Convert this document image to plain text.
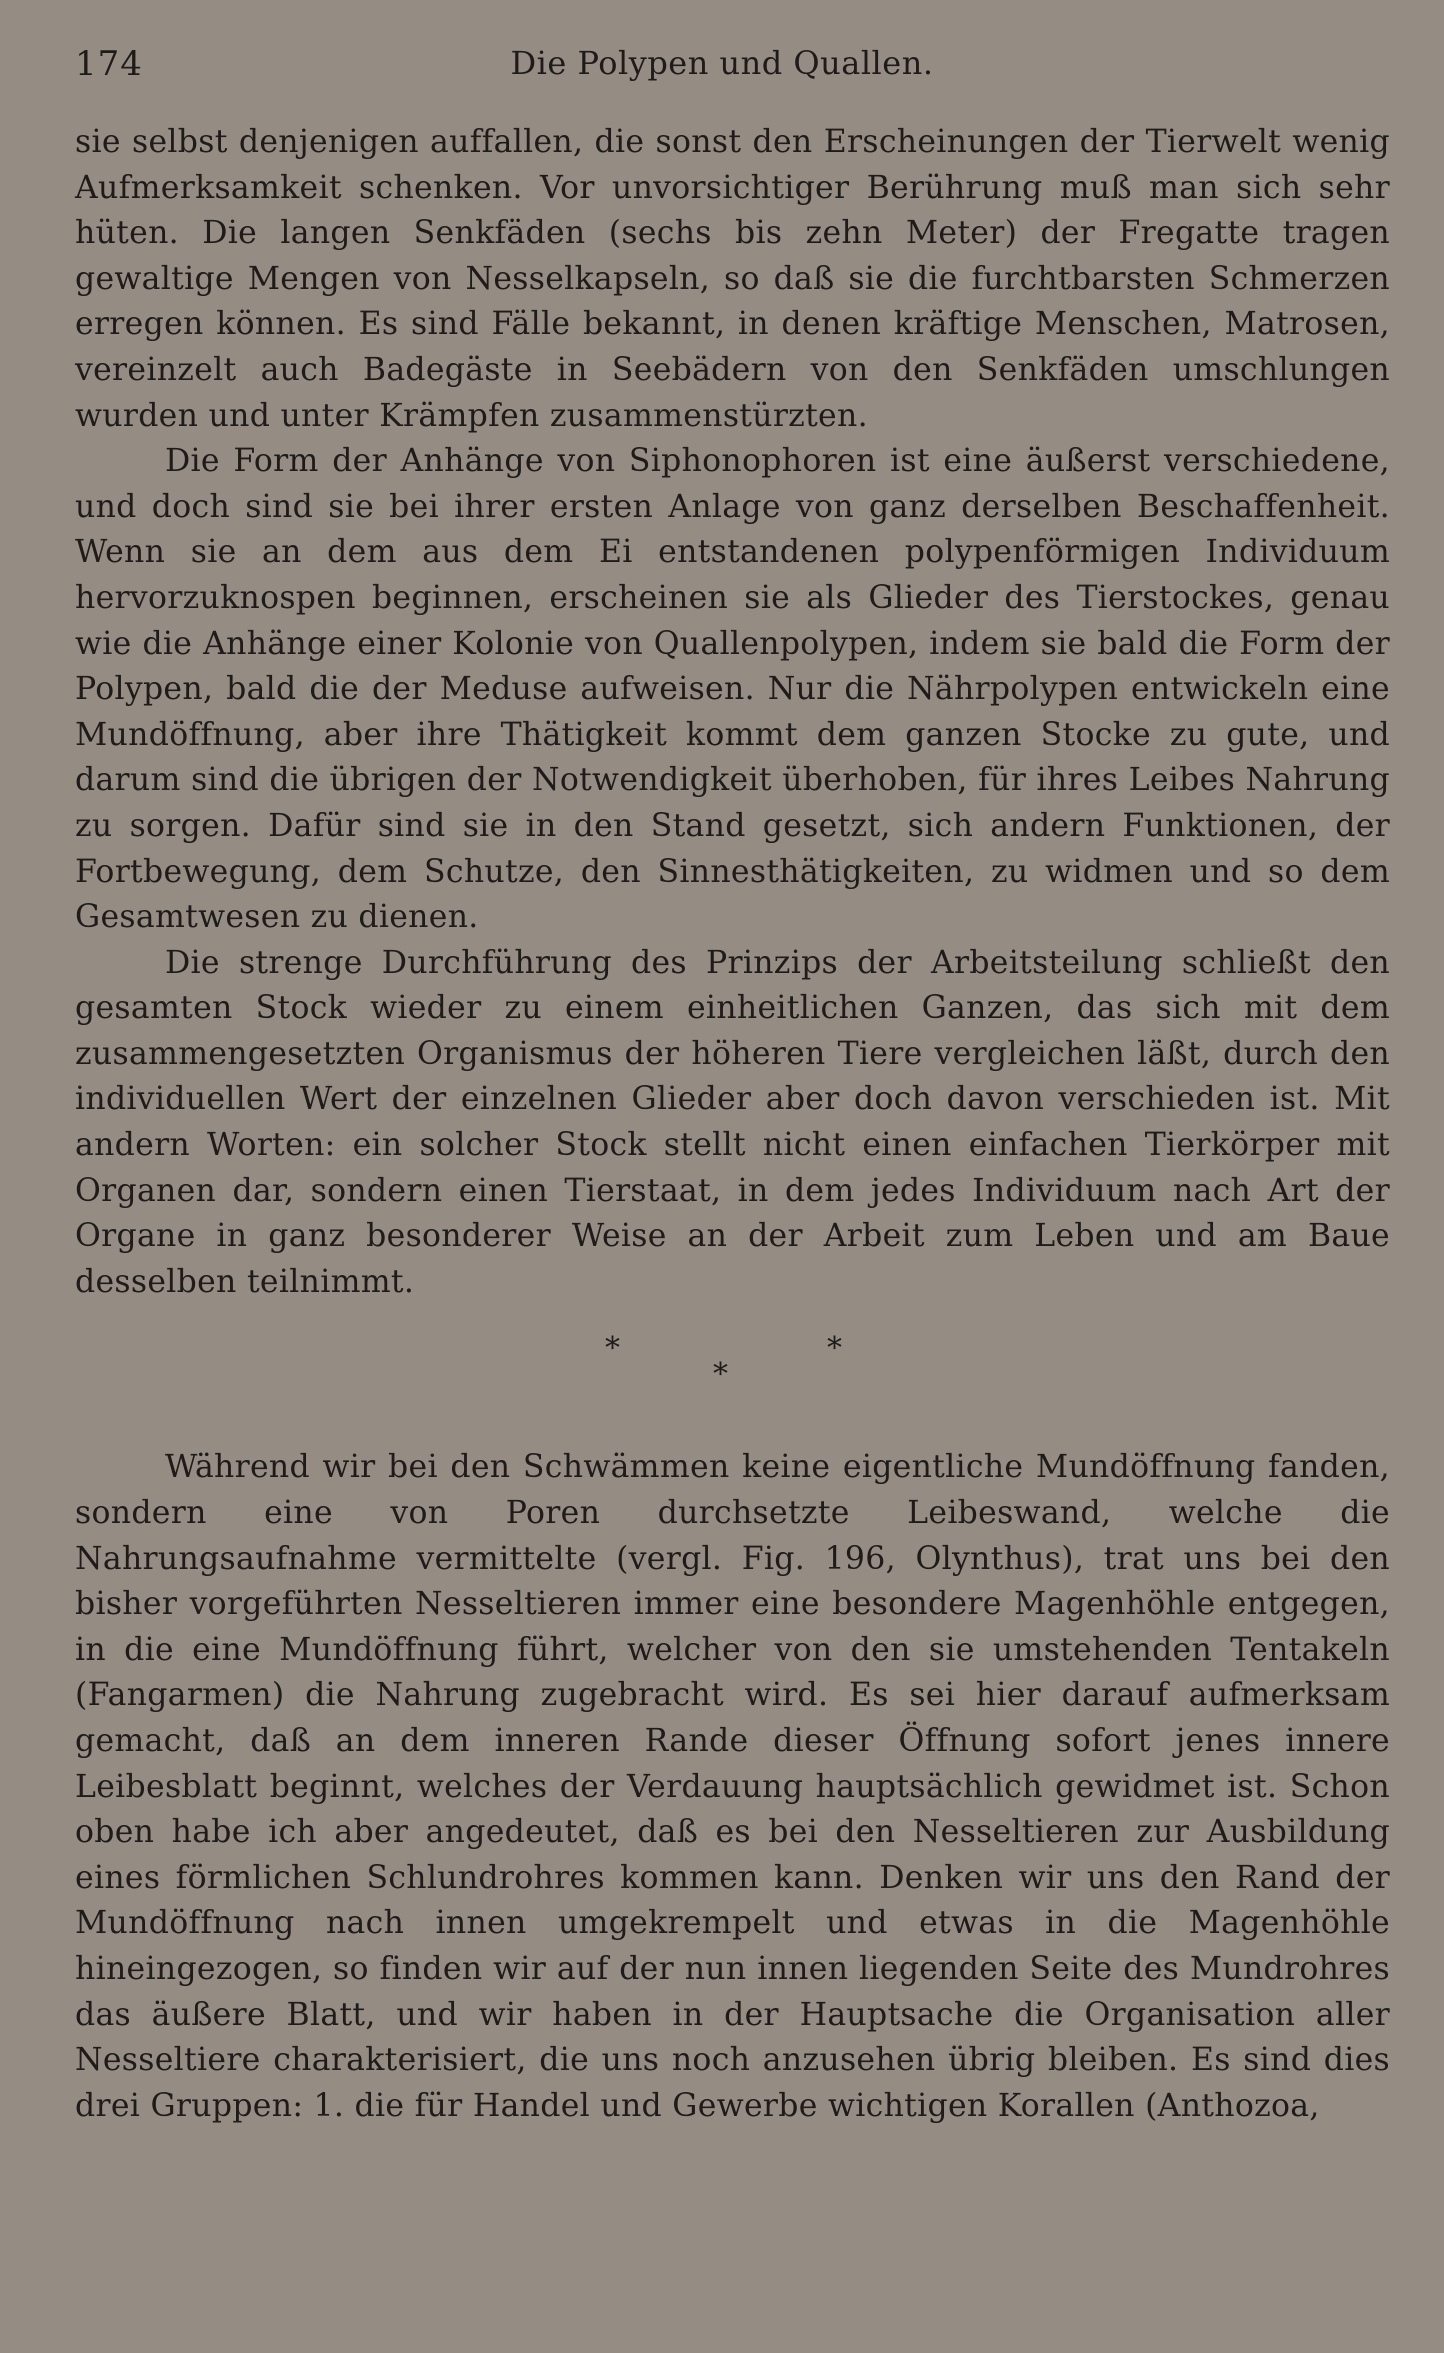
174	Die Polypen und Quallen.

sie selbst denjenigen auffallen, die sonst den Erscheinungen der Tierwelt wenig Aufmerksamkeit schenken. Vor unvorsichtiger Berührung muß man sich sehr hüten. Die langen Senkfäden (sechs bis zehn Meter) der Fregatte tragen gewaltige Mengen von Nesselkapseln, so daß sie die furchtbarsten Schmerzen erregen können. Es sind Fälle bekannt, in denen kräftige Menschen, Matrosen, vereinzelt auch Badegäste in Seebädern von den Senkfäden umschlungen wurden und unter Krämpfen zusammenstürzten.

Die Form der Anhänge von Siphonophoren ist eine äußerst verschiedene, und doch sind sie bei ihrer ersten Anlage von ganz derselben Beschaffenheit. Wenn sie an dem aus dem Ei entstandenen polypenförmigen Individuum hervorzuknospen beginnen, erscheinen sie als Glieder des Tierstockes, genau wie die Anhänge einer Kolonie von Quallenpolypen, indem sie bald die Form der Polypen, bald die der Meduse aufweisen. Nur die Nährpolypen entwickeln eine Mundöffnung, aber ihre Thätigkeit kommt dem ganzen Stocke zu gute, und darum sind die übrigen der Notwendigkeit überhoben, für ihres Leibes Nahrung zu sorgen. Dafür sind sie in den Stand gesetzt, sich andern Funktionen, der Fortbewegung, dem Schutze, den Sinnesthätigkeiten, zu widmen und so dem Gesamtwesen zu dienen.

Die strenge Durchführung des Prinzips der Arbeitsteilung schließt den gesamten Stock wieder zu einem einheitlichen Ganzen, das sich mit dem zusammengesetzten Organismus der höheren Tiere vergleichen läßt, durch den individuellen Wert der einzelnen Glieder aber doch davon verschieden ist. Mit andern Worten: ein solcher Stock stellt nicht einen einfachen Tierkörper mit Organen dar, sondern einen Tierstaat, in dem jedes Individuum nach Art der Organe in ganz besonderer Weise an der Arbeit zum Leben und am Baue desselben teilnimmt.

*
*
*

Während wir bei den Schwämmen keine eigentliche Mundöffnung fanden, sondern eine von Poren durchsetzte Leibeswand, welche die Nahrungsaufnahme vermittelte (vergl. Fig. 196, Olynthus), trat uns bei den bisher vorgeführten Nesseltieren immer eine besondere Magenhöhle entgegen, in die eine Mundöffnung führt, welcher von den sie umstehenden Tentakeln (Fangarmen) die Nahrung zugebracht wird. Es sei hier darauf aufmerksam gemacht, daß an dem inneren Rande dieser Öffnung sofort jenes innere Leibesblatt beginnt, welches der Verdauung hauptsächlich gewidmet ist. Schon oben habe ich aber angedeutet, daß es bei den Nesseltieren zur Ausbildung eines förmlichen Schlundrohres kommen kann. Denken wir uns den Rand der Mundöffnung nach innen umgekrempelt und etwas in die Magenhöhle hineingezogen, so finden wir auf der nun innen liegenden Seite des Mundrohres das äußere Blatt, und wir haben in der Hauptsache die Organisation aller Nesseltiere charakterisiert, die uns noch anzusehen übrig bleiben. Es sind dies drei Gruppen: 1. die für Handel und Gewerbe wichtigen Korallen (Anthozoa,
